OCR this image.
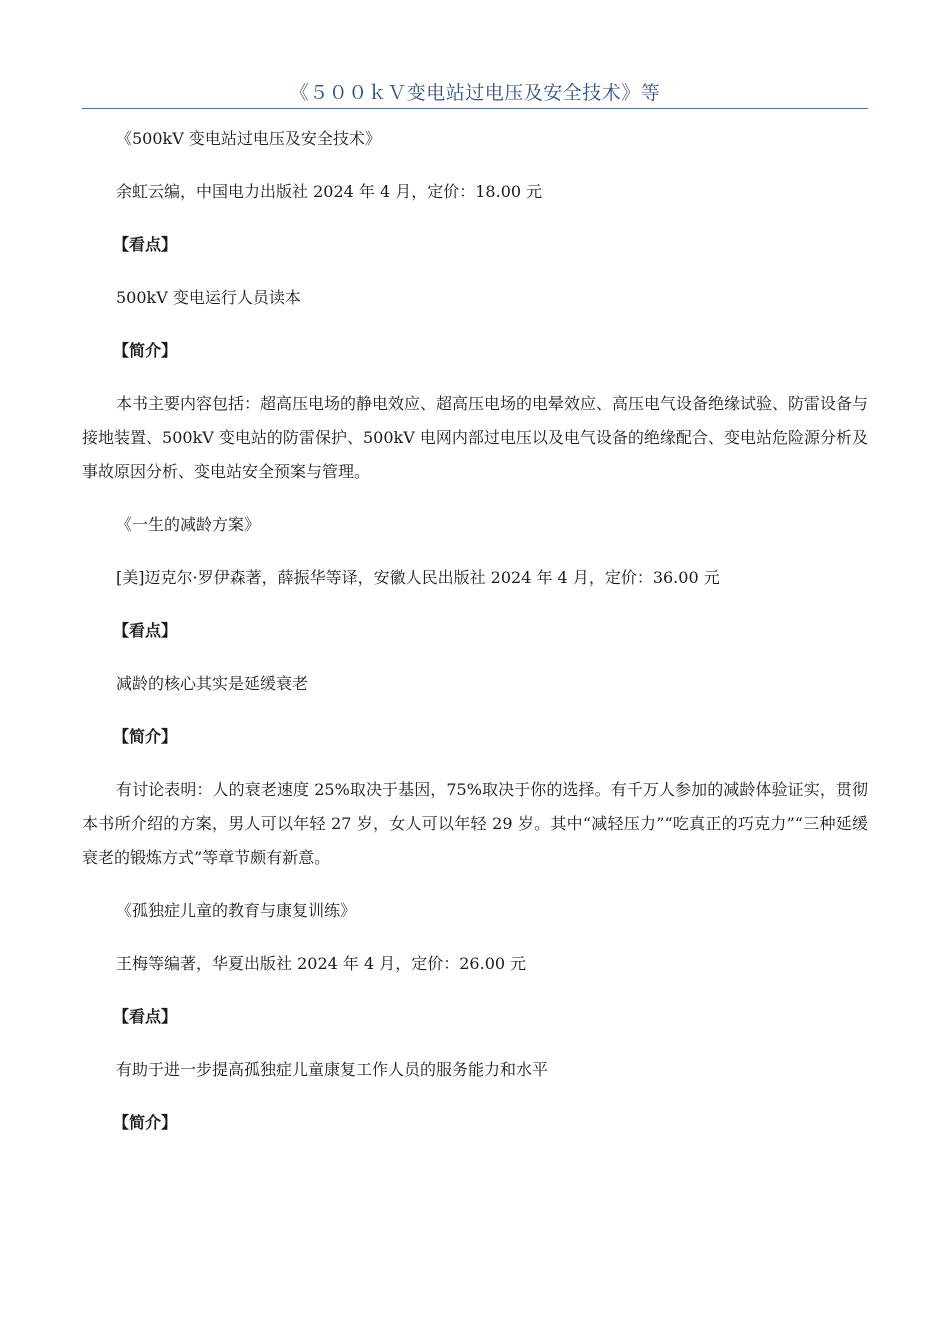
《５００ｋＶ变电站过电压及安全技术》等

《500kV 变电站过电压及安全技术》

余虹云编，中国电力出版社 2024 年 4 月，定价：18.00 元

【看点】

500kV 变电运行人员读本

【简介】

本书主要内容包括：超高压电场的静电效应、超高压电场的电晕效应、高压电气设备绝缘试验、防雷设备与接地装置、500kV 变电站的防雷保护、500kV 电网内部过电压以及电气设备的绝缘配合、变电站危险源分析及事故原因分析、变电站安全预案与管理。

《一生的减龄方案》

[美]迈克尔·罗伊森著，薛振华等译，安徽人民出版社 2024 年 4 月，定价：36.00 元

【看点】

减龄的核心其实是延缓衰老

【简介】

有讨论表明：人的衰老速度 25%取决于基因，75%取决于你的选择。有千万人参加的减龄体验证实，贯彻本书所介绍的方案，男人可以年轻 27 岁，女人可以年轻 29 岁。其中“减轻压力”“吃真正的巧克力”“三种延缓衰老的锻炼方式”等章节颇有新意。

《孤独症儿童的教育与康复训练》

王梅等编著，华夏出版社 2024 年 4 月，定价：26.00 元

【看点】

有助于进一步提高孤独症儿童康复工作人员的服务能力和水平

【简介】
